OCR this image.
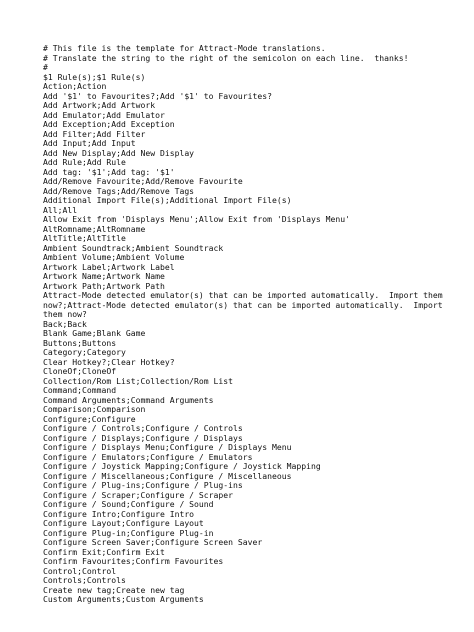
# This file is the template for Attract-Mode translations.
# Translate the string to the right of the semicolon on each line.  thanks!
#
$1 Rule(s);$1 Rule(s)
Action;Action
Add '$1' to Favourites?;Add '$1' to Favourites?
Add Artwork;Add Artwork
Add Emulator;Add Emulator
Add Exception;Add Exception
Add Filter;Add Filter
Add Input;Add Input
Add New Display;Add New Display
Add Rule;Add Rule
Add tag: '$1';Add tag: '$1'
Add/Remove Favourite;Add/Remove Favourite
Add/Remove Tags;Add/Remove Tags
Additional Import File(s);Additional Import File(s)
All;All
Allow Exit from 'Displays Menu';Allow Exit from 'Displays Menu'
AltRomname;AltRomname
AltTitle;AltTitle
Ambient Soundtrack;Ambient Soundtrack
Ambient Volume;Ambient Volume
Artwork Label;Artwork Label
Artwork Name;Artwork Name
Artwork Path;Artwork Path
Attract-Mode detected emulator(s) that can be imported automatically.  Import them
now?;Attract-Mode detected emulator(s) that can be imported automatically.  Import
them now?
Back;Back
Blank Game;Blank Game
Buttons;Buttons
Category;Category
Clear Hotkey?;Clear Hotkey?
CloneOf;CloneOf
Collection/Rom List;Collection/Rom List
Command;Command
Command Arguments;Command Arguments
Comparison;Comparison
Configure;Configure
Configure / Controls;Configure / Controls
Configure / Displays;Configure / Displays
Configure / Displays Menu;Configure / Displays Menu
Configure / Emulators;Configure / Emulators
Configure / Joystick Mapping;Configure / Joystick Mapping
Configure / Miscellaneous;Configure / Miscellaneous
Configure / Plug-ins;Configure / Plug-ins
Configure / Scraper;Configure / Scraper
Configure / Sound;Configure / Sound
Configure Intro;Configure Intro
Configure Layout;Configure Layout
Configure Plug-in;Configure Plug-in
Configure Screen Saver;Configure Screen Saver
Confirm Exit;Confirm Exit
Confirm Favourites;Confirm Favourites
Control;Control
Controls;Controls
Create new tag;Create new tag
Custom Arguments;Custom Arguments
